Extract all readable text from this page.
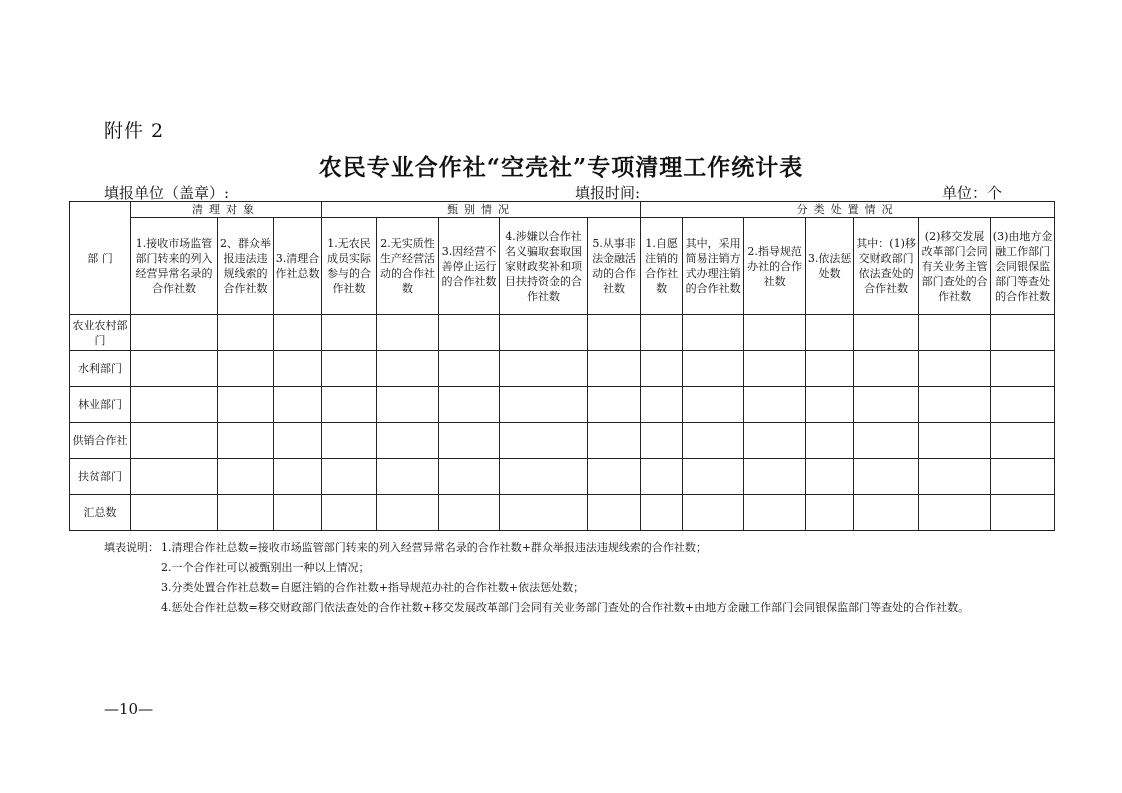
附件 2
农民专业合作社“空壳社”专项清理工作统计表
填报单位（盖章）:	填报时间:	单位：个
部 门	清理对象			甄别情况					分类处置情况						
	1.接收市场监管部门转来的列入经营异常名录的合作社数	2、群众举报违法违规线索的合作社数	3.清理合作社总数	1.无农民成员实际参与的合作社数	2.无实质性生产经营活动的合作社数	3.因经营不善停止运行的合作社数	4.涉嫌以合作社名义骗取套取国家财政奖补和项目扶持资金的合作社数	5.从事非法金融活动的合作社数	1.自愿注销的合作社数	其中，采用简易注销方式办理注销的合作社数	2.指导规范办社的合作社数	3.依法惩处数	其中：(1)移交财政部门依法查处的合作社数	(2)移交发展改革部门会同有关业务主管部门查处的合作社数	(3)由地方金融工作部门会同银保监部门等查处的合作社数
农业农村部门															
水利部门															
林业部门															
供销合作社															
扶贫部门															
汇总数															
填表说明： 1.清理合作社总数=接收市场监管部门转来的列入经营异常名录的合作社数+群众举报违法违规线索的合作社数；
2.一个合作社可以被甄别出一种以上情况；
3.分类处置合作社总数=自愿注销的合作社数+指导规范办社的合作社数+依法惩处数；
4.惩处合作社总数=移交财政部门依法查处的合作社数+移交发展改革部门会同有关业务部门查处的合作社数+由地方金融工作部门会同银保监部门等查处的合作社数。
—10—
